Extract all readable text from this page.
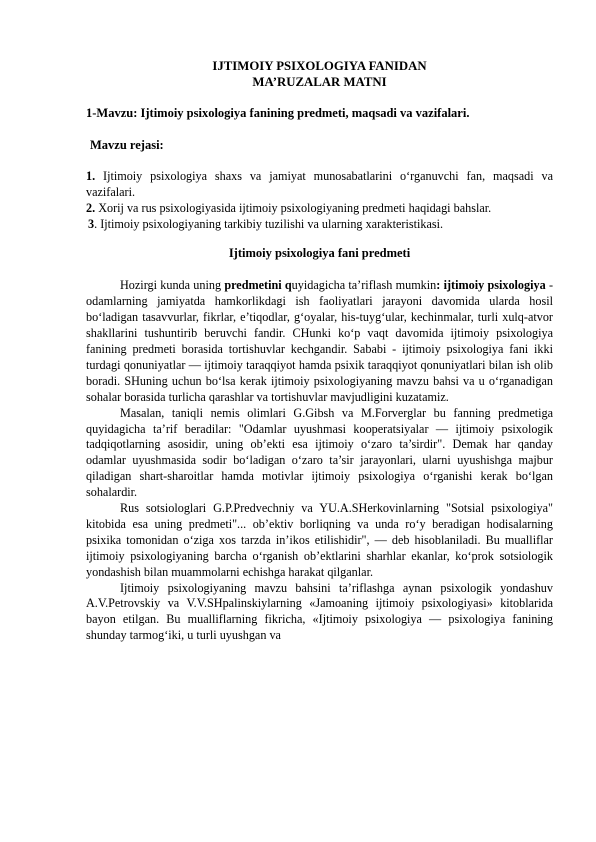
IJTIMOIY PSIXOLOGIYA FANIDAN
MA’RUZALAR MATNI
1-Mavzu: Ijtimoiy psixologiya fanining predmeti, maqsadi va vazifalari.
Mavzu rejasi:

1. Ijtimoiy psixologiya shaxs va jamiyat munosabatlarini o‘rganuvchi fan, maqsadi va vazifalari.

2. Xorij va rus psixologiyasida ijtimoiy psixologiyaning predmeti haqidagi bahslar.

3. Ijtimoiy psixologiyaning tarkibiy tuzilishi va ularning xarakteristikasi.

Ijtimoiy psixologiya fani predmeti

Hozirgi kunda uning predmetini quyidagicha ta’riflash mumkin: ijtimoiy psixologiya - odamlarning jamiyatda hamkorlikdagi ish faoliyatlari jarayoni davomida ularda hosil bo‘ladigan tasavvurlar, fikrlar, e’tiqodlar, g‘oyalar, his-tuyg‘ular, kechinmalar, turli xulq-atvor shakllarini tushuntirib beruvchi fandir. CHunki ko‘p vaqt davomida ijtimoiy psixologiya fanining predmeti borasida tortishuvlar kechgandir. Sababi - ijtimoiy psixologiya fani ikki turdagi qonuniyatlar — ijtimoiy taraqqiyot hamda psixik taraqqiyot qonuniyatlari bilan ish olib boradi. SHuning uchun bo‘lsa kerak ijtimoiy psixologiyaning mavzu bahsi va u o‘rganadigan sohalar borasida turlicha qarashlar va tortishuvlar mavjudligini kuzatamiz.

Masalan, taniqli nemis olimlari G.Gibsh va M.Forverglar bu fanning predmetiga quyidagicha ta’rif beradilar: "Odamlar uyushmasi kooperatsiyalar — ijtimoiy psixologik tadqiqotlarning asosidir, uning ob’ekti esa ijtimoiy o‘zaro ta’sirdir". Demak har qanday odamlar uyushmasida sodir bo‘ladigan o‘zaro ta’sir jarayonlari, ularni uyushishga majbur qiladigan shart-sharoitlar hamda motivlar ijtimoiy psixologiya o‘rganishi kerak bo‘lgan sohalardir.

Rus sotsiologlari G.P.Predvechniy va YU.A.SHerkovinlarning "Sotsial psixologiya" kitobida esa uning predmeti"... ob’ektiv borliqning va unda ro‘y beradigan hodisalarning psixika tomonidan o‘ziga xos tarzda in’ikos etilishidir", — deb hisoblaniladi. Bu mualliflar ijtimoiy psixologiyaning barcha o‘rganish ob’ektlarini sharhlar ekanlar, ko‘prok sotsiologik yondashish bilan muammolarni echishga harakat qilganlar.

Ijtimoiy psixologiyaning mavzu bahsini ta’riflashga aynan psixologik yondashuv A.V.Petrovskiy va V.V.SHpalinskiylarning «Jamoaning ijtimoiy psixologiyasi» kitoblarida bayon etilgan. Bu mualliflarning fikricha, «Ijtimoiy psixologiya — psixologiya fanining shunday tarmog‘iki, u turli uyushgan va
